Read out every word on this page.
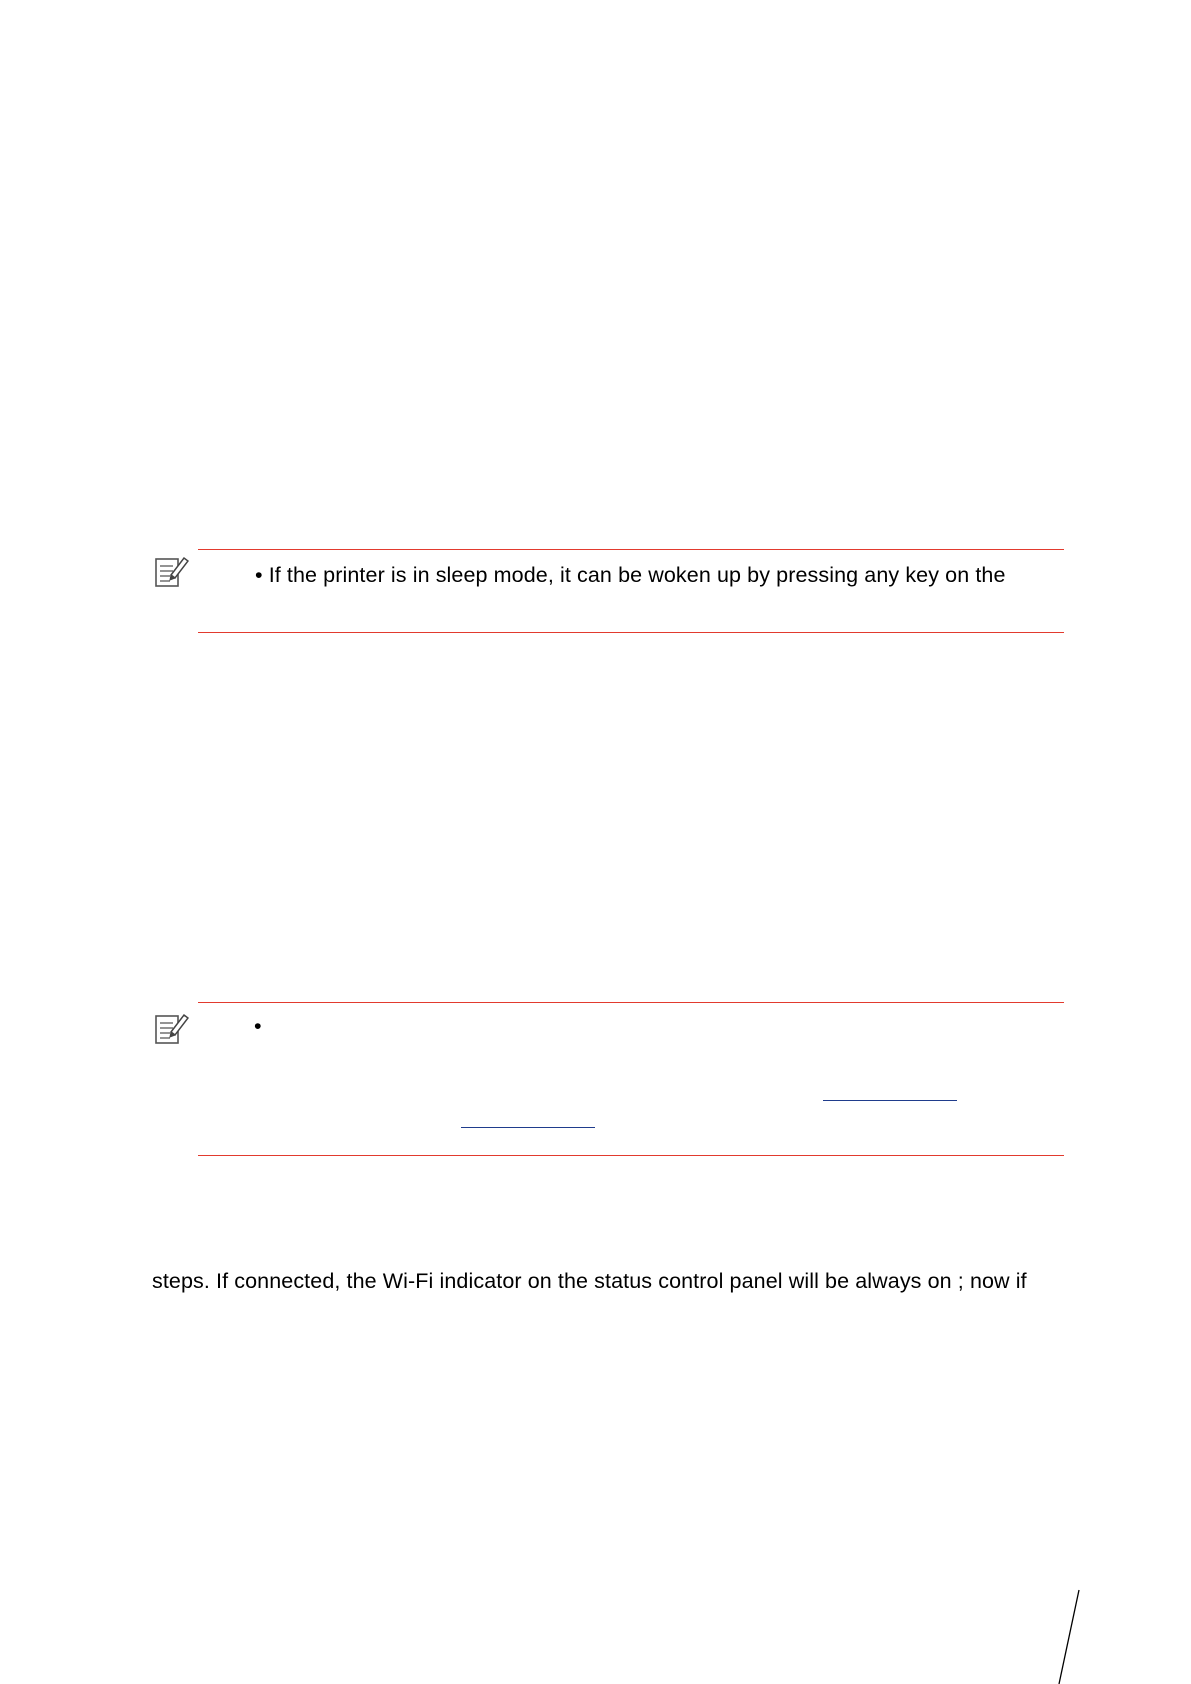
• If the printer is in sleep mode, it can be woken up by pressing any key on the
•
steps. If connected, the Wi-Fi indicator on the status control panel will be always on ; now if
